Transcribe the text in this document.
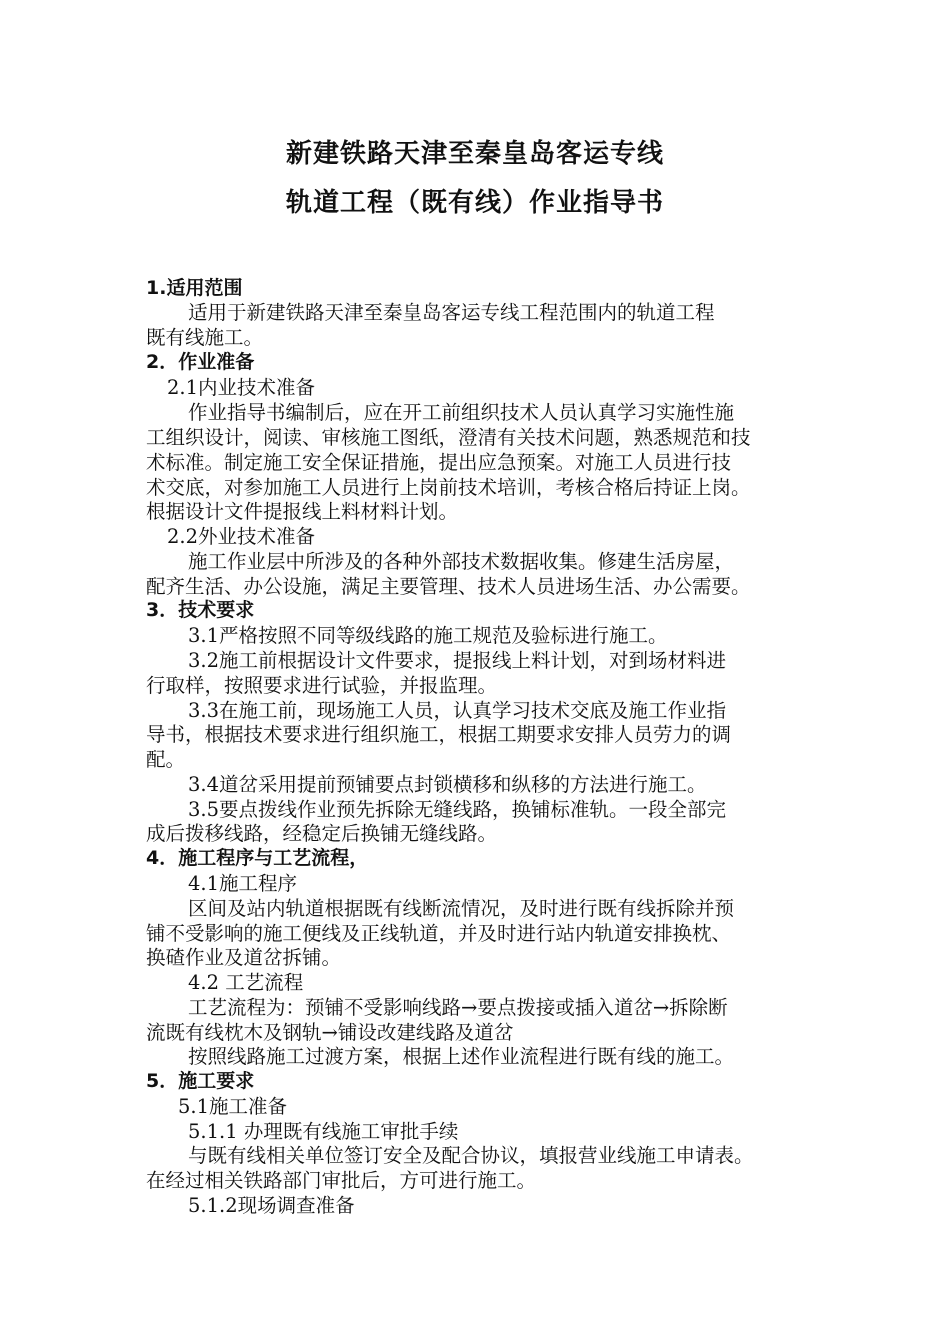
新建铁路天津至秦皇岛客运专线
轨道工程（既有线）作业指导书
1.适用范围
适用于新建铁路天津至秦皇岛客运专线工程范围内的轨道工程
既有线施工。
2．作业准备
2.1内业技术准备
作业指导书编制后，应在开工前组织技术人员认真学习实施性施
工组织设计，阅读、审核施工图纸，澄清有关技术问题，熟悉规范和技
术标准。制定施工安全保证措施，提出应急预案。对施工人员进行技
术交底，对参加施工人员进行上岗前技术培训，考核合格后持证上岗。
根据设计文件提报线上料材料计划。
2.2外业技术准备
施工作业层中所涉及的各种外部技术数据收集。修建生活房屋，
配齐生活、办公设施，满足主要管理、技术人员进场生活、办公需要。
3．技术要求
3.1严格按照不同等级线路的施工规范及验标进行施工。
3.2施工前根据设计文件要求，提报线上料计划，对到场材料进
行取样，按照要求进行试验，并报监理。
3.3在施工前，现场施工人员，认真学习技术交底及施工作业指
导书，根据技术要求进行组织施工，根据工期要求安排人员劳力的调
配。
3.4道岔采用提前预铺要点封锁横移和纵移的方法进行施工。
3.5要点拨线作业预先拆除无缝线路，换铺标准轨。一段全部完
成后拨移线路，经稳定后换铺无缝线路。
4．施工程序与工艺流程，
4.1施工程序
区间及站内轨道根据既有线断流情况，及时进行既有线拆除并预
铺不受影响的施工便线及正线轨道，并及时进行站内轨道安排换枕、
换碴作业及道岔拆铺。
4.2 工艺流程
工艺流程为：预铺不受影响线路→要点拨接或插入道岔→拆除断
流既有线枕木及钢轨→铺设改建线路及道岔
按照线路施工过渡方案，根据上述作业流程进行既有线的施工。
5．施工要求
5.1施工准备
5.1.1 办理既有线施工审批手续
与既有线相关单位签订安全及配合协议，填报营业线施工申请表。
在经过相关铁路部门审批后，方可进行施工。
5.1.2现场调查准备
